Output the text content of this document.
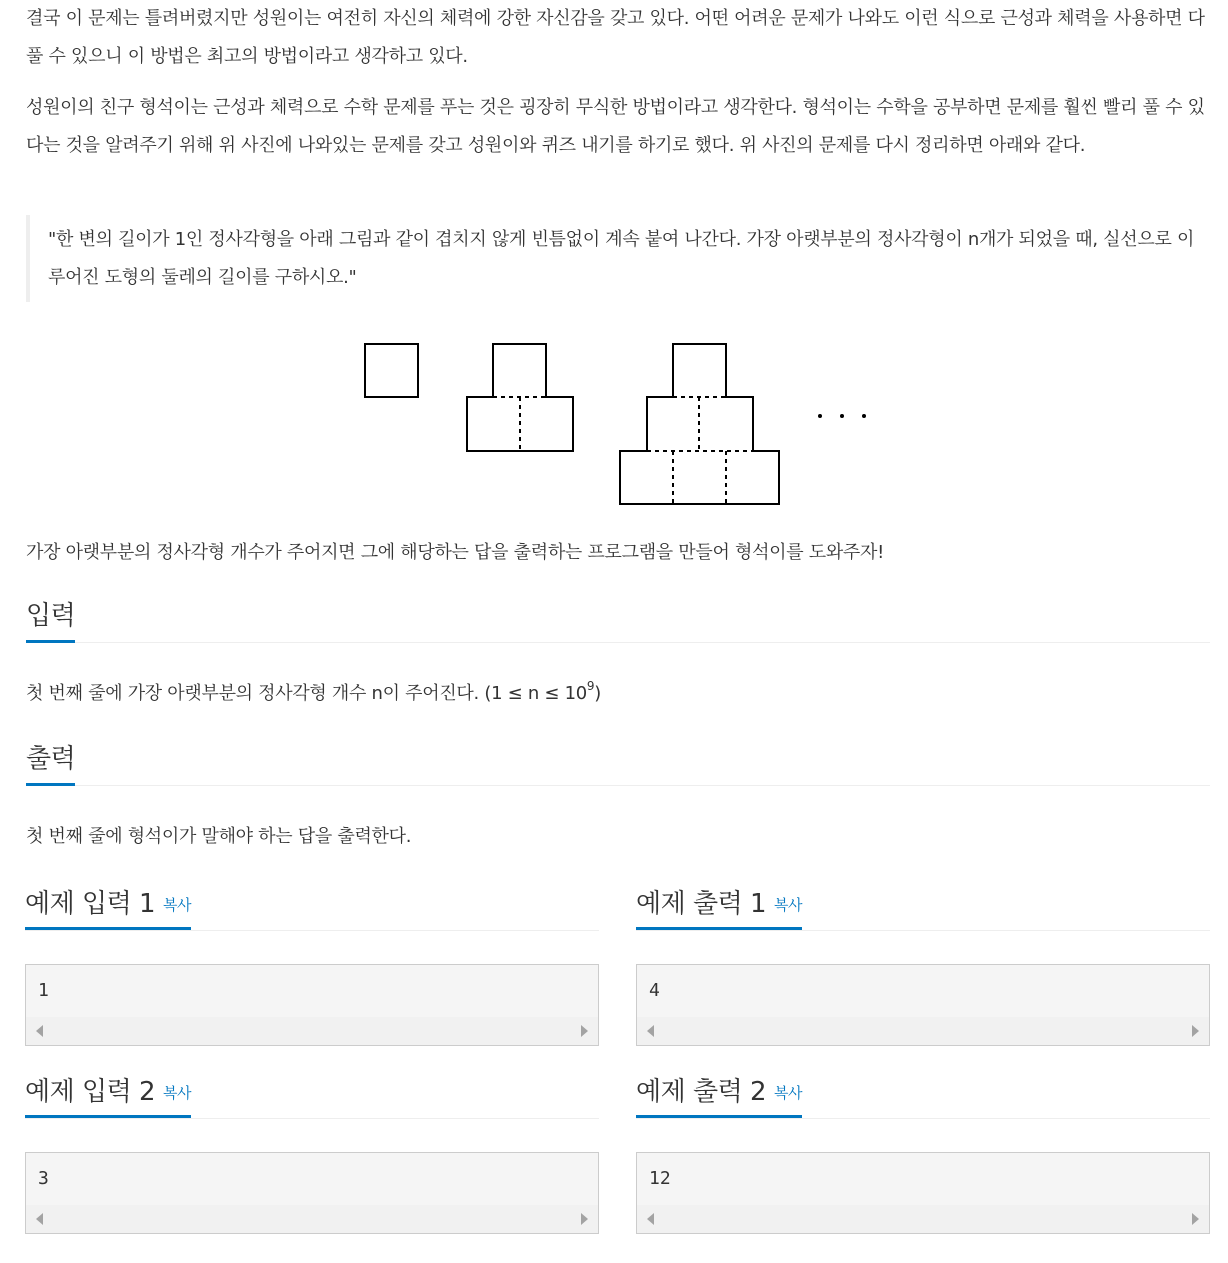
결국 이 문제는 틀려버렸지만 성원이는 여전히 자신의 체력에 강한 자신감을 갖고 있다. 어떤 어려운 문제가 나와도 이런 식으로 근성과 체력을 사용하면 다 풀 수 있으니 이 방법은 최고의 방법이라고 생각하고 있다.

성원이의 친구 형석이는 근성과 체력으로 수학 문제를 푸는 것은 굉장히 무식한 방법이라고 생각한다. 형석이는 수학을 공부하면 문제를 훨씬 빨리 풀 수 있다는 것을 알려주기 위해 위 사진에 나와있는 문제를 갖고 성원이와 퀴즈 내기를 하기로 했다. 위 사진의 문제를 다시 정리하면 아래와 같다.

"한 변의 길이가 1인 정사각형을 아래 그림과 같이 겹치지 않게 빈틈없이 계속 붙여 나간다. 가장 아랫부분의 정사각형이 n개가 되었을 때, 실선으로 이루어진 도형의 둘레의 길이를 구하시오."

가장 아랫부분의 정사각형 개수가 주어지면 그에 해당하는 답을 출력하는 프로그램을 만들어 형석이를 도와주자!

입력

첫 번째 줄에 가장 아랫부분의 정사각형 개수 n이 주어진다. $(1 \le n \le 10^9)$

출력

첫 번째 줄에 형석이가 말해야 하는 답을 출력한다.

예제 입력 1 복사
1
예제 출력 1 복사
4
예제 입력 2 복사
3
예제 출력 2 복사
12
